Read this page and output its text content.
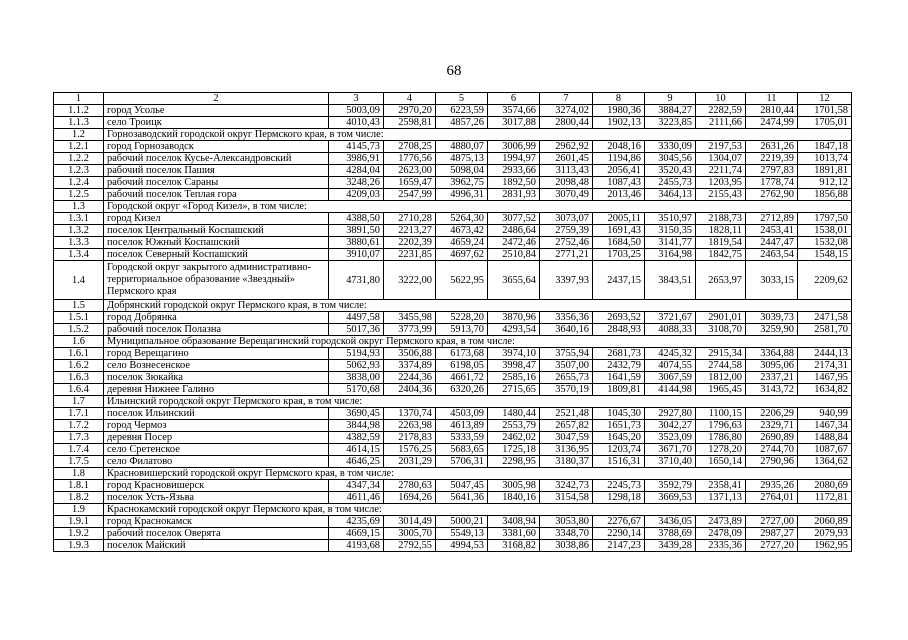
68
1	2	3	4	5	6	7	8	9	10	11	12
1.1.2	город Усолье	5003,09	2970,20	6223,59	3574,66	3274,02	1980,36	3884,27	2282,59	2810,44	1701,58
1.1.3	село Троицк	4010,43	2598,81	4857,26	3017,88	2800,44	1902,13	3223,85	2111,66	2474,99	1705,01
1.2	Горнозаводский городской округ Пермского края, в том числе:										
1.2.1	город Горнозаводск	4145,73	2708,25	4880,07	3006,99	2962,92	2048,16	3330,09	2197,53	2631,26	1847,18
1.2.2	рабочий поселок Кусье-Александровский	3986,91	1776,56	4875,13	1994,97	2601,45	1194,86	3045,56	1304,07	2219,39	1013,74
1.2.3	рабочий поселок Пашия	4284,04	2623,00	5098,04	2933,66	3113,43	2056,41	3520,43	2211,74	2797,83	1891,81
1.2.4	рабочий поселок Сараны	3248,26	1659,47	3962,75	1892,50	2098,48	1087,43	2455,73	1203,95	1778,74	912,12
1.2.5	рабочий поселок Теплая гора	4209,03	2547,99	4996,31	2831,93	3070,49	2013,46	3464,13	2155,43	2762,90	1856,88
1.3	Городской округ «Город Кизел», в том числе:										
1.3.1	город Кизел	4388,50	2710,28	5264,30	3077,52	3073,07	2005,11	3510,97	2188,73	2712,89	1797,50
1.3.2	поселок Центральный Коспашский	3891,50	2213,27	4673,42	2486,64	2759,39	1691,43	3150,35	1828,11	2453,41	1538,01
1.3.3	поселок Южный Коспашский	3880,61	2202,39	4659,24	2472,46	2752,46	1684,50	3141,77	1819,54	2447,47	1532,08
1.3.4	поселок Северный Коспашский	3910,07	2231,85	4697,62	2510,84	2771,21	1703,25	3164,98	1842,75	2463,54	1548,15
1.4	Городской округ закрытого административно-территориальное образование «Звездный» Пермского края	4731,80	3222,00	5622,95	3655,64	3397,93	2437,15	3843,51	2653,97	3033,15	2209,62
1.5	Добрянский городской округ Пермского края, в том числе:										
1.5.1	город Добрянка	4497,58	3455,98	5228,20	3870,96	3356,36	2693,52	3721,67	2901,01	3039,73	2471,58
1.5.2	рабочий поселок Полазна	5017,36	3773,99	5913,70	4293,54	3640,16	2848,93	4088,33	3108,70	3259,90	2581,70
1.6	Муниципальное образование Верещагинский городской округ Пермского края, в том числе:										
1.6.1	город Верещагино	5194,93	3506,88	6173,68	3974,10	3755,94	2681,73	4245,32	2915,34	3364,88	2444,13
1.6.2	село Вознесенское	5062,93	3374,89	6198,05	3998,47	3507,00	2432,79	4074,55	2744,58	3095,06	2174,31
1.6.3	поселок Зюкайка	3838,00	2244,36	4661,72	2585,16	2655,73	1641,59	3067,59	1812,00	2337,21	1467,95
1.6.4	деревня Нижнее Галино	5170,68	2404,36	6320,26	2715,65	3570,19	1809,81	4144,98	1965,45	3143,72	1634,82
1.7	Ильинский городской округ Пермского края, в том числе:										
1.7.1	поселок Ильинский	3690,45	1370,74	4503,09	1480,44	2521,48	1045,30	2927,80	1100,15	2206,29	940,99
1.7.2	город Чермоз	3844,98	2263,98	4613,89	2553,79	2657,82	1651,73	3042,27	1796,63	2329,71	1467,34
1.7.3	деревня Посер	4382,59	2178,83	5333,59	2462,02	3047,59	1645,20	3523,09	1786,80	2690,89	1488,84
1.7.4	село Сретенское	4614,15	1576,25	5683,65	1725,18	3136,95	1203,74	3671,70	1278,20	2744,70	1087,67
1.7.5	село Филатово	4646,25	2031,29	5706,31	2298,95	3180,37	1516,31	3710,40	1650,14	2790,96	1364,62
1.8	Красновишерский городской округ Пермского края, в том числе:										
1.8.1	город Красновишерск	4347,34	2780,63	5047,45	3005,98	3242,73	2245,73	3592,79	2358,41	2935,26	2080,69
1.8.2	поселок Усть-Язьва	4611,46	1694,26	5641,36	1840,16	3154,58	1298,18	3669,53	1371,13	2764,01	1172,81
1.9	Краснокамский городской округ Пермского края, в том числе:										
1.9.1	город Краснокамск	4235,69	3014,49	5000,21	3408,94	3053,80	2276,67	3436,05	2473,89	2727,00	2060,89
1.9.2	рабочий поселок Оверята	4669,15	3005,70	5549,13	3381,60	3348,70	2290,14	3788,69	2478,09	2987,27	2079,93
1.9.3	поселок Майский	4193,68	2792,55	4994,53	3168,82	3038,86	2147,23	3439,28	2335,36	2727,20	1962,95
